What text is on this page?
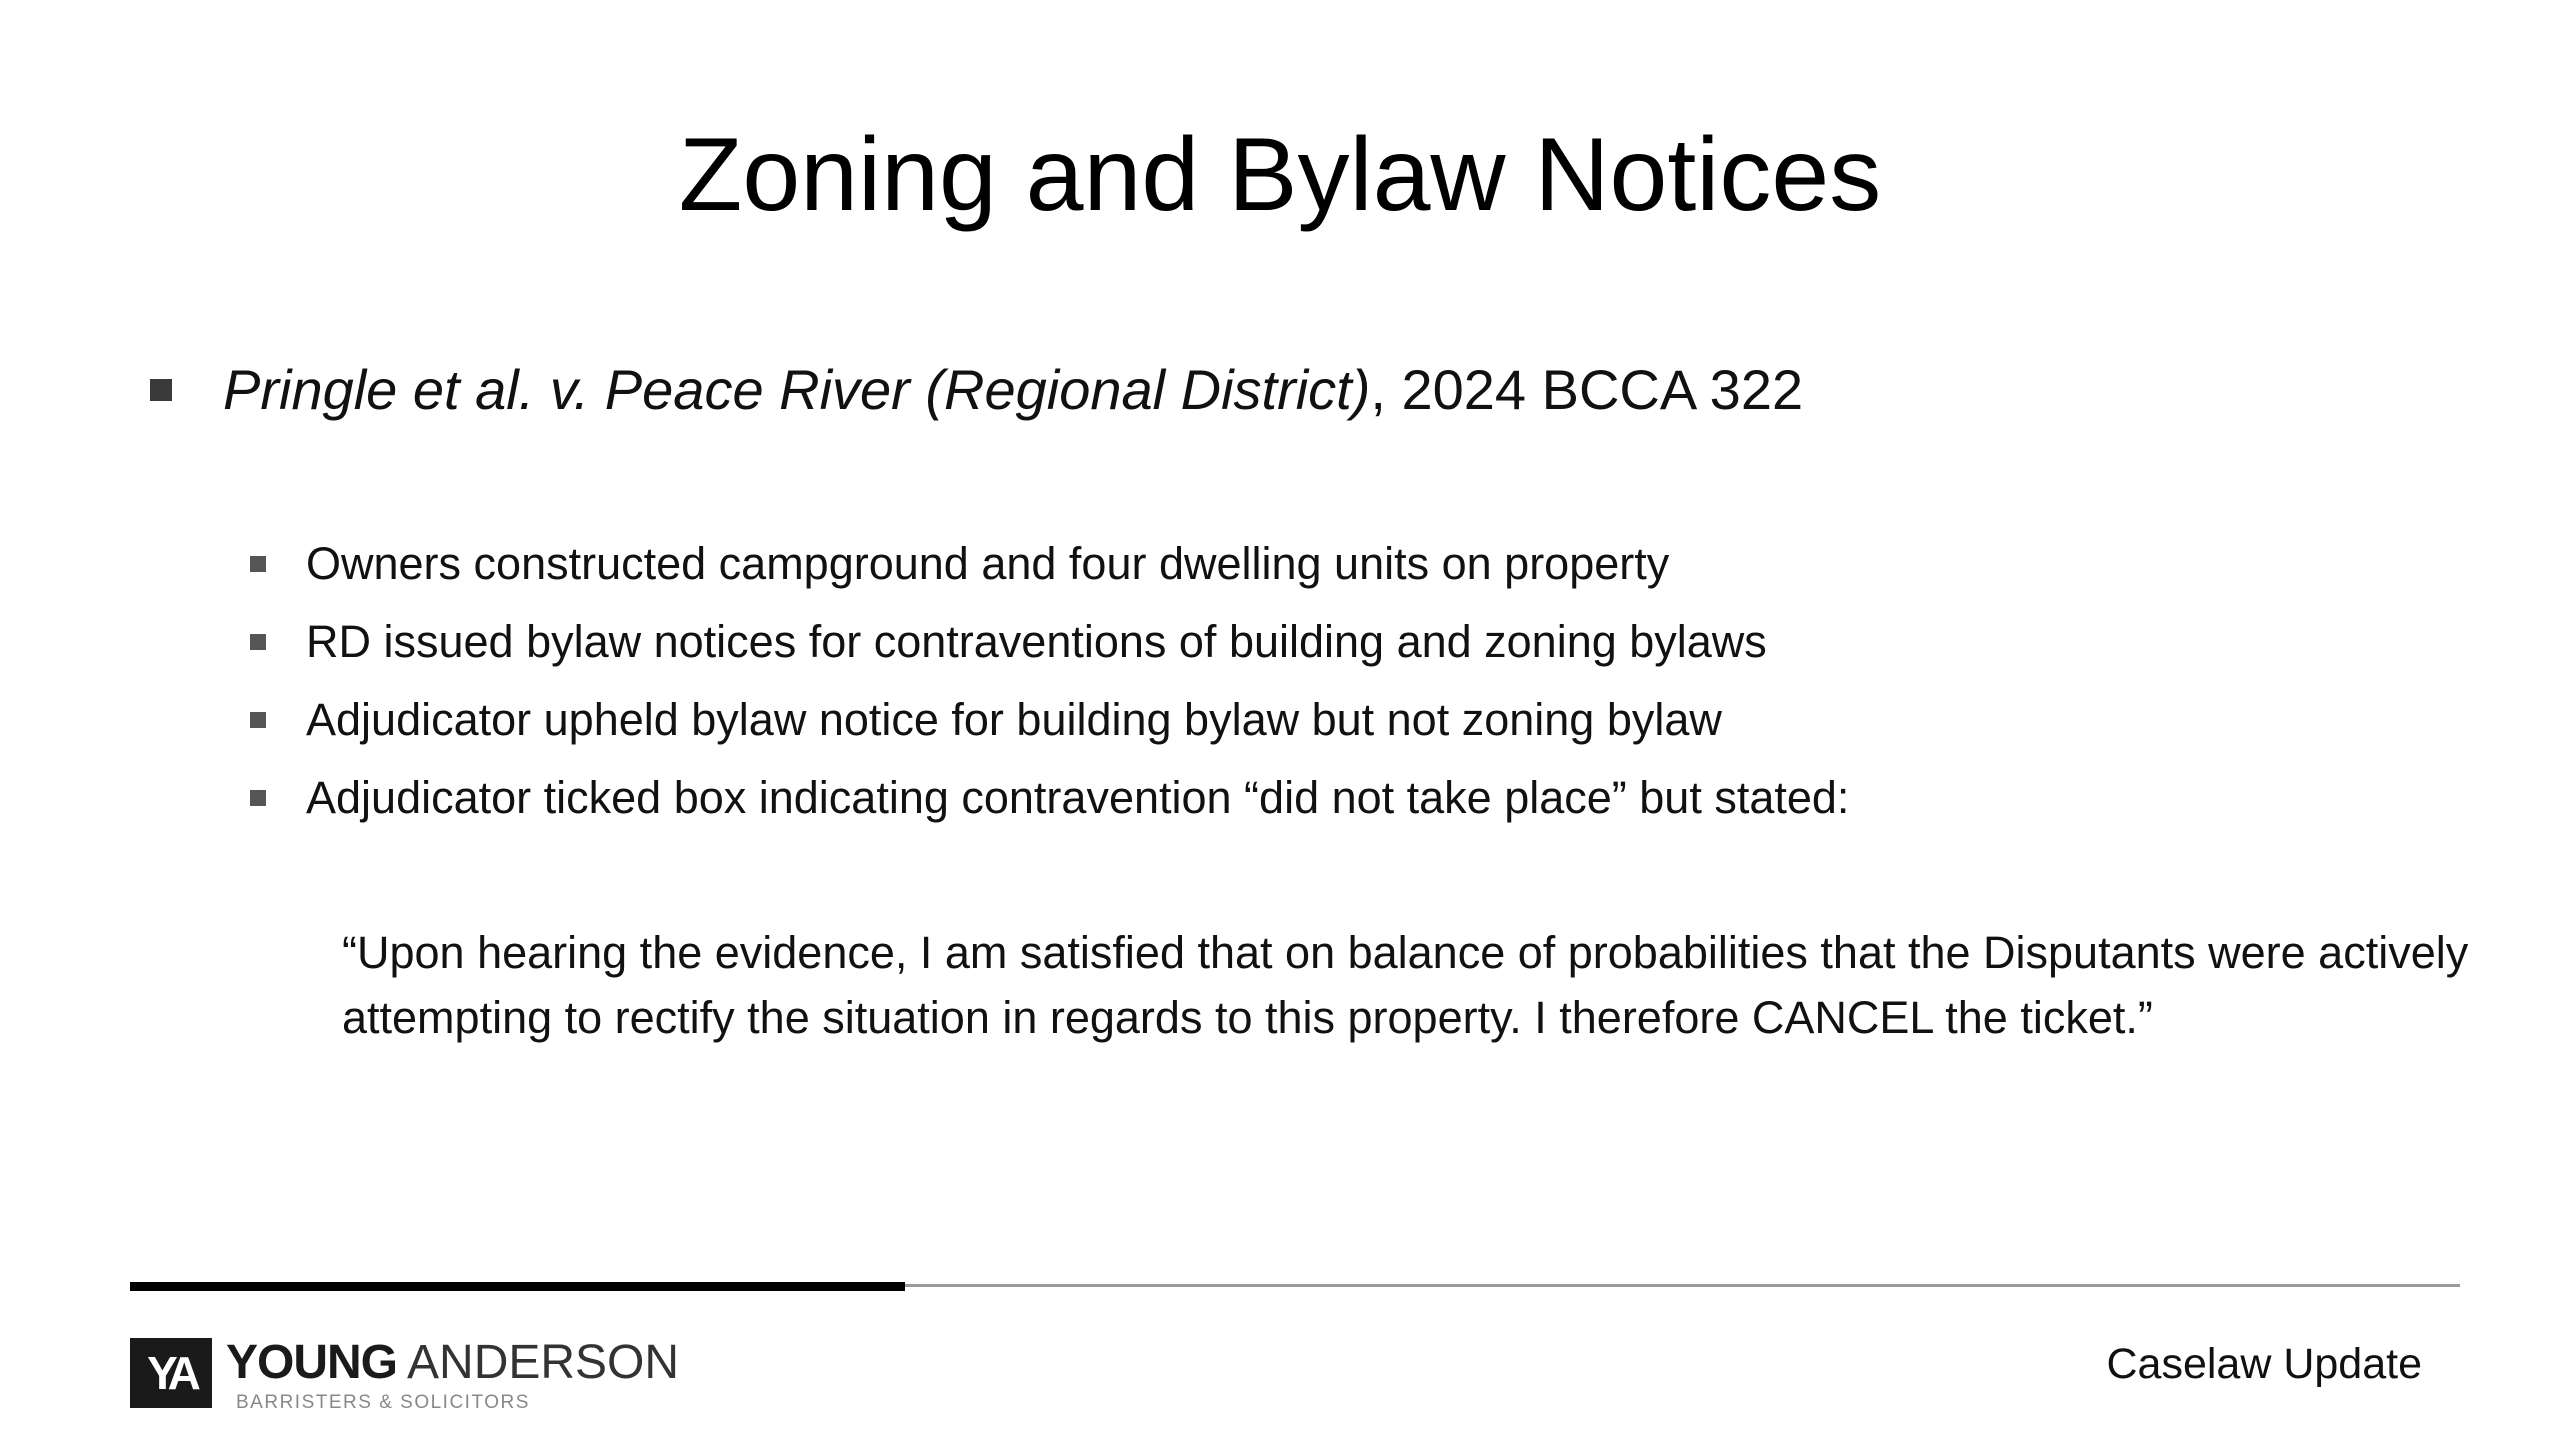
Zoning and Bylaw Notices
Pringle et al. v. Peace River (Regional District), 2024 BCCA 322
Owners constructed campground and four dwelling units on property
RD issued bylaw notices for contraventions of building and zoning bylaws
Adjudicator upheld bylaw notice for building bylaw but not zoning bylaw
Adjudicator ticked box indicating contravention “did not take place” but stated:

“Upon hearing the evidence, I am satisfied that on balance of probabilities that the Disputants were actively attempting to rectify the situation in regards to this property. I therefore CANCEL the ticket.”

YA YOUNG ANDERSON
BARRISTERS & SOLICITORS
Caselaw Update
